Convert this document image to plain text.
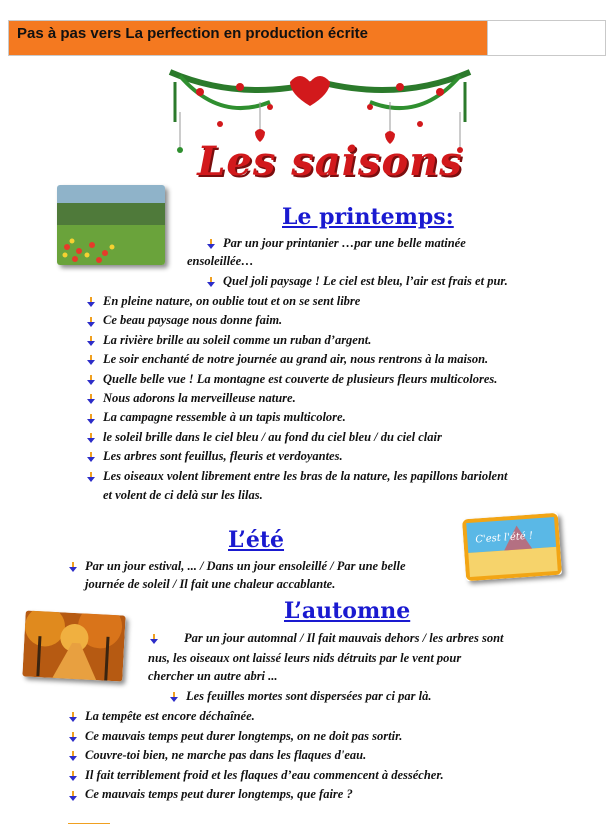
Pas à pas vers La perfection en production écrite
Les saisons
Le printemps:
Par un jour printanier …par une belle matinée
ensoleillée…
Quel joli paysage ! Le ciel est bleu, l’air est frais et pur.
En pleine nature, on oublie tout et on se sent libre
Ce beau paysage nous donne faim.
La rivière brille au soleil comme un ruban d’argent.
Le soir enchanté de notre journée au grand air, nous rentrons à la maison.
Quelle belle vue ! La montagne est couverte de plusieurs fleurs multicolores.
Nous adorons la merveilleuse nature.
La campagne ressemble à un tapis multicolore.
le soleil brille dans le ciel bleu / au fond du ciel bleu / du ciel clair
Les arbres sont feuillus, fleuris et verdoyantes.
Les oiseaux volent librement entre les bras de la nature, les papillons bariolent
et volent de ci delà sur les lilas.
L’été	C'est l'été !
Par un jour estival, ... / Dans un jour ensoleillé / Par une belle
journée de soleil / Il fait une chaleur accablante.
L’automne
Par un jour automnal / Il fait mauvais dehors / les arbres sont
nus, les oiseaux ont laissé leurs nids détruits par le vent pour
chercher un autre abri ...
Les feuilles mortes sont dispersées par ci par là.
La tempête est encore déchaînée.
Ce mauvais temps peut durer longtemps, on ne doit pas sortir.
Couvre-toi bien, ne marche pas dans les flaques d'eau.
Il fait terriblement froid et les flaques d’eau commencent à dessécher.
Ce mauvais temps peut durer longtemps, que faire ?
